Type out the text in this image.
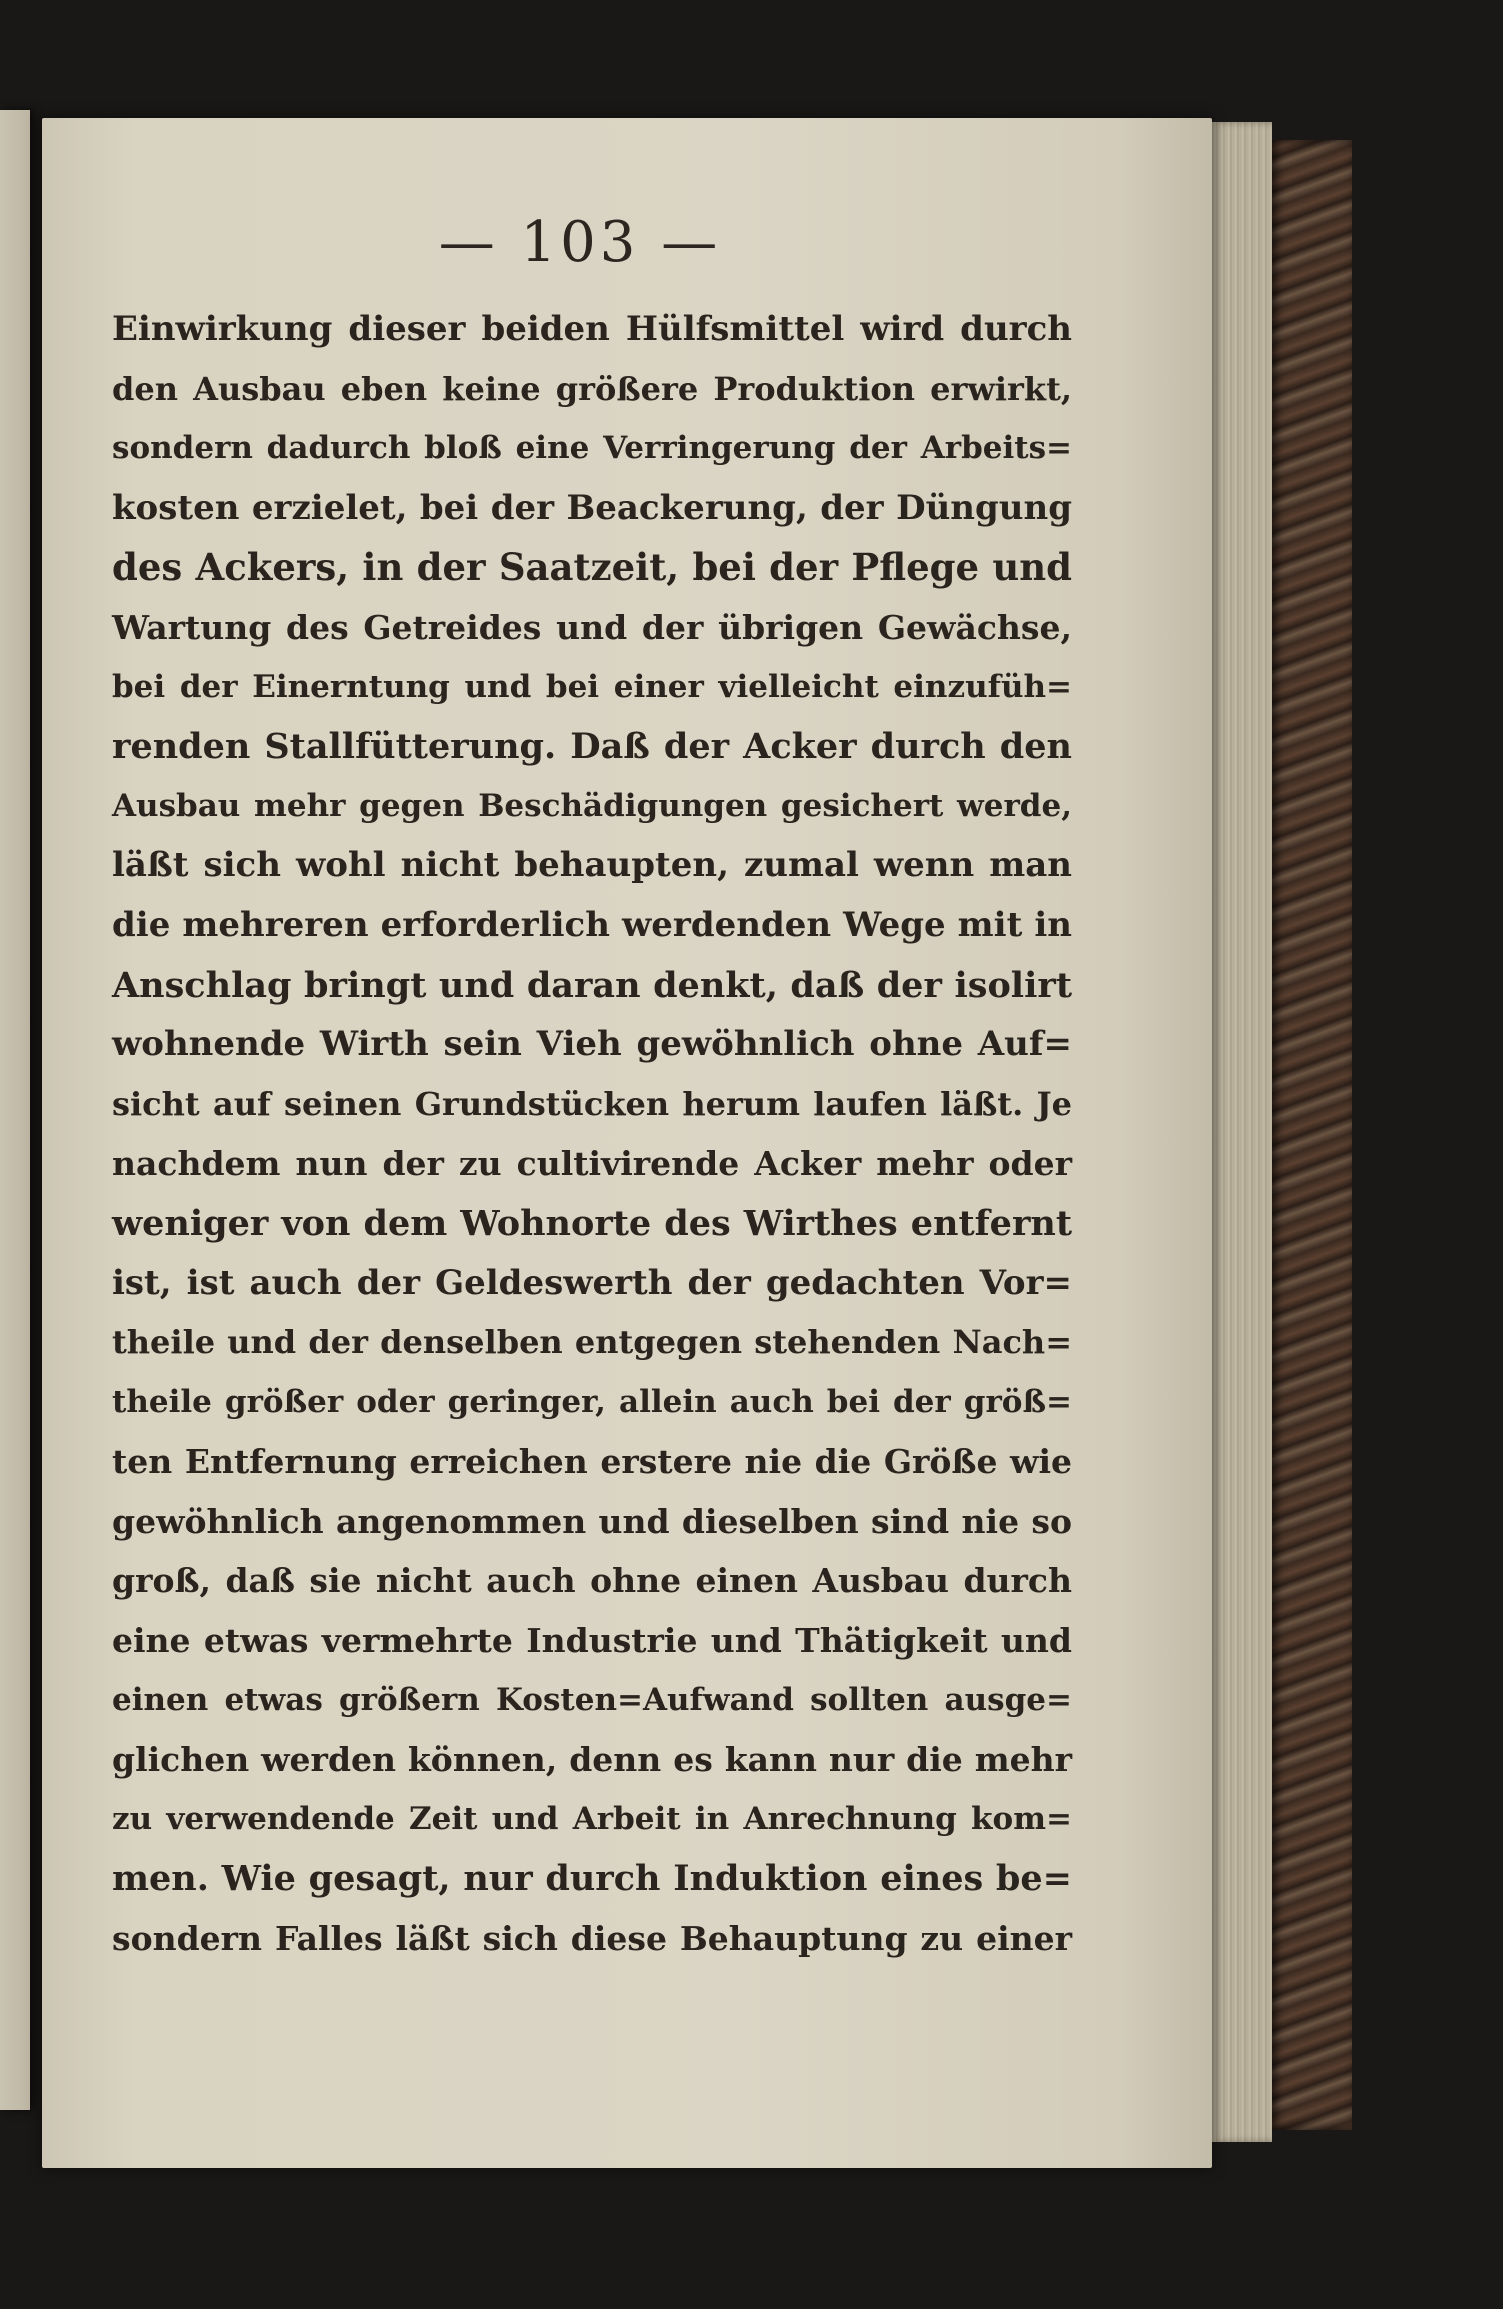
— 103 —
Einwirkung dieser beiden Hülfsmittel wird durch
den Ausbau eben keine größere Produktion erwirkt,
sondern dadurch bloß eine Verringerung der Arbeits=
kosten erzielet, bei der Beackerung, der Düngung
des Ackers, in der Saatzeit, bei der Pflege und
Wartung des Getreides und der übrigen Gewächse,
bei der Einerntung und bei einer vielleicht einzufüh=
renden Stallfütterung. Daß der Acker durch den
Ausbau mehr gegen Beschädigungen gesichert werde,
läßt sich wohl nicht behaupten, zumal wenn man
die mehreren erforderlich werdenden Wege mit in
Anschlag bringt und daran denkt, daß der isolirt
wohnende Wirth sein Vieh gewöhnlich ohne Auf=
sicht auf seinen Grundstücken herum laufen läßt. Je
nachdem nun der zu cultivirende Acker mehr oder
weniger von dem Wohnorte des Wirthes entfernt
ist, ist auch der Geldeswerth der gedachten Vor=
theile und der denselben entgegen stehenden Nach=
theile größer oder geringer, allein auch bei der größ=
ten Entfernung erreichen erstere nie die Größe wie
gewöhnlich angenommen und dieselben sind nie so
groß, daß sie nicht auch ohne einen Ausbau durch
eine etwas vermehrte Industrie und Thätigkeit und
einen etwas größern Kosten=Aufwand sollten ausge=
glichen werden können, denn es kann nur die mehr
zu verwendende Zeit und Arbeit in Anrechnung kom=
men. Wie gesagt, nur durch Induktion eines be=
sondern Falles läßt sich diese Behauptung zu einer
